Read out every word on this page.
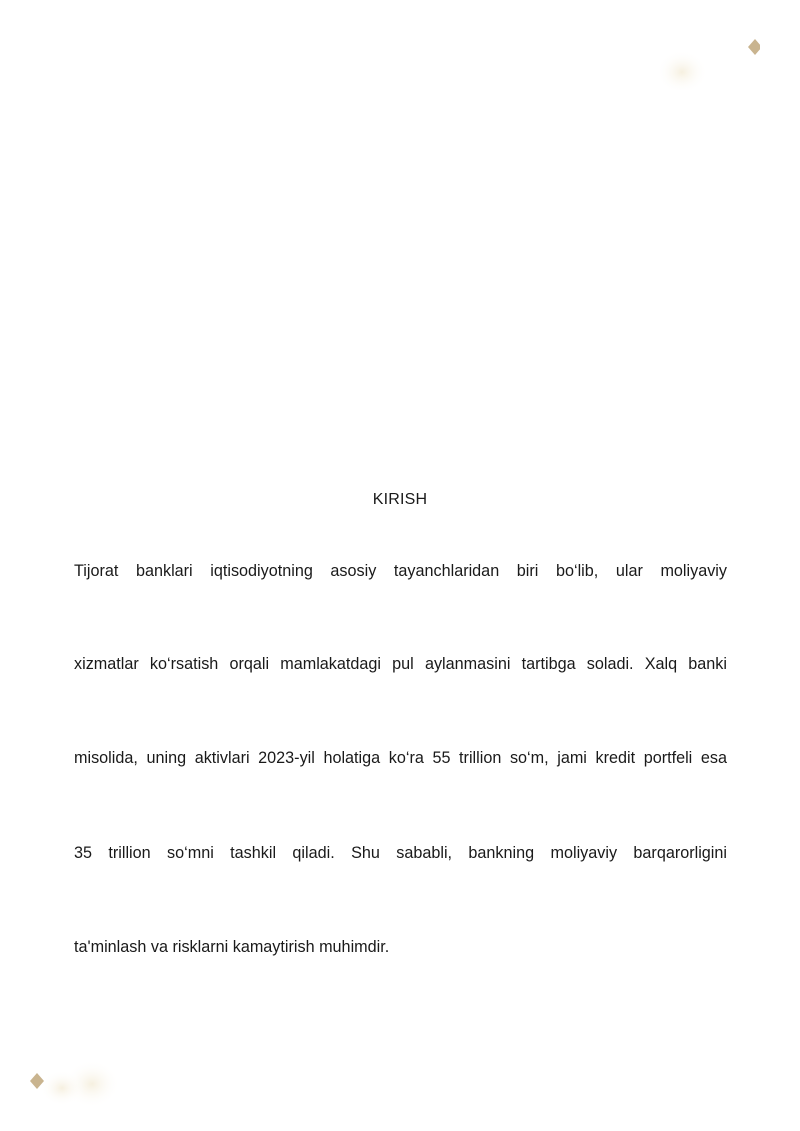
KIRISH
Tijorat banklari iqtisodiyotning asosiy tayanchlaridan biri bo‘lib, ular moliyaviy
xizmatlar ko‘rsatish orqali mamlakatdagi pul aylanmasini tartibga soladi. Xalq banki
misolida, uning aktivlari 2023-yil holatiga ko‘ra 55 trillion so‘m, jami kredit portfeli esa
35 trillion so‘mni tashkil qiladi. Shu sababli, bankning moliyaviy barqarorligini
ta'minlash va risklarni kamaytirish muhimdir.
